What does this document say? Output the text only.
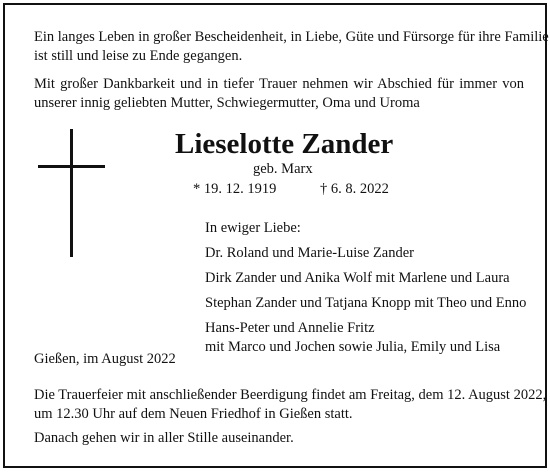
Ein langes Leben in großer Bescheidenheit, in Liebe, Güte und Fürsorge für ihre Familie
ist still und leise zu Ende gegangen.
Mit großer Dankbarkeit und in tiefer Trauer nehmen wir Abschied für immer von
unserer innig geliebten Mutter, Schwiegermutter, Oma und Uroma
Lieselotte Zander
geb. Marx
* 19. 12. 1919	† 6. 8. 2022
In ewiger Liebe:
Dr. Roland und Marie-Luise Zander
Dirk Zander und Anika Wolf mit Marlene und Laura
Stephan Zander und Tatjana Knopp mit Theo und Enno
Hans-Peter und Annelie Fritz
mit Marco und Jochen sowie Julia, Emily und Lisa
Gießen, im August 2022
Die Trauerfeier mit anschließender Beerdigung findet am Freitag, dem 12. August 2022,
um 12.30 Uhr auf dem Neuen Friedhof in Gießen statt.
Danach gehen wir in aller Stille auseinander.
